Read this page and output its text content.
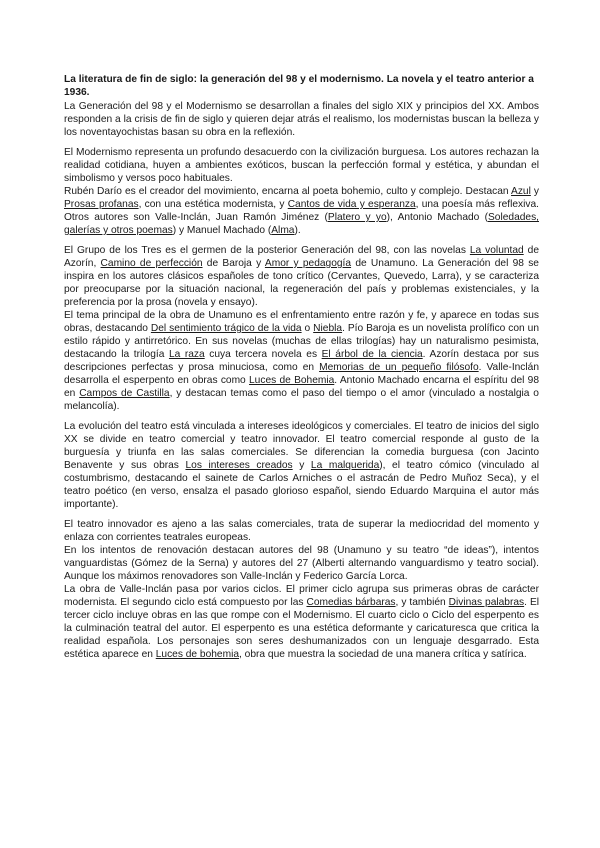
La literatura de fin de siglo: la generación del 98 y el modernismo. La novela y el teatro anterior a 1936.

La Generación del 98 y el Modernismo se desarrollan a finales del siglo XIX y principios del XX. Ambos responden a la crisis de fin de siglo y quieren dejar atrás el realismo, los modernistas buscan la belleza y los noventayochistas basan su obra en la reflexión.

El Modernismo representa un profundo desacuerdo con la civilización burguesa. Los autores rechazan la realidad cotidiana, huyen a ambientes exóticos, buscan la perfección formal y estética, y abundan el simbolismo y versos poco habituales.

Rubén Darío es el creador del movimiento, encarna al poeta bohemio, culto y complejo. Destacan Azul y Prosas profanas, con una estética modernista, y Cantos de vida y esperanza, una poesía más reflexiva. Otros autores son Valle-Inclán, Juan Ramón Jiménez (Platero y yo), Antonio Machado (Soledades, galerías y otros poemas) y Manuel Machado (Alma).

El Grupo de los Tres es el germen de la posterior Generación del 98, con las novelas La voluntad de Azorín, Camino de perfección de Baroja y Amor y pedagogía de Unamuno. La Generación del 98 se inspira en los autores clásicos españoles de tono crítico (Cervantes, Quevedo, Larra), y se caracteriza por preocuparse por la situación nacional, la regeneración del país y problemas existenciales, y la preferencia por la prosa (novela y ensayo).

El tema principal de la obra de Unamuno es el enfrentamiento entre razón y fe, y aparece en todas sus obras, destacando Del sentimiento trágico de la vida o Niebla. Pío Baroja es un novelista prolífico con un estilo rápido y antirretórico. En sus novelas (muchas de ellas trilogías) hay un naturalismo pesimista, destacando la trilogía La raza cuya tercera novela es El árbol de la ciencia. Azorín destaca por sus descripciones perfectas y prosa minuciosa, como en Memorias de un pequeño filósofo. Valle-Inclán desarrolla el esperpento en obras como Luces de Bohemia. Antonio Machado encarna el espíritu del 98 en Campos de Castilla, y destacan temas como el paso del tiempo o el amor (vinculado a nostalgia o melancolía).

La evolución del teatro está vinculada a intereses ideológicos y comerciales. El teatro de inicios del siglo XX se divide en teatro comercial y teatro innovador. El teatro comercial responde al gusto de la burguesía y triunfa en las salas comerciales. Se diferencian la comedia burguesa (con Jacinto Benavente y sus obras Los intereses creados y La malquerida), el teatro cómico (vinculado al costumbrismo, destacando el sainete de Carlos Arniches o el astracán de Pedro Muñoz Seca), y el teatro poético (en verso, ensalza el pasado glorioso español, siendo Eduardo Marquina el autor más importante).

El teatro innovador es ajeno a las salas comerciales, trata de superar la mediocridad del momento y enlaza con corrientes teatrales europeas.

En los intentos de renovación destacan autores del 98 (Unamuno y su teatro “de ideas”), intentos vanguardistas (Gómez de la Serna) y autores del 27 (Alberti alternando vanguardismo y teatro social). Aunque los máximos renovadores son Valle-Inclán y Federico García Lorca.

La obra de Valle-Inclán pasa por varios ciclos. El primer ciclo agrupa sus primeras obras de carácter modernista. El segundo ciclo está compuesto por las Comedias bárbaras, y también Divinas palabras. El tercer ciclo incluye obras en las que rompe con el Modernismo. El cuarto ciclo o Ciclo del esperpento es la culminación teatral del autor. El esperpento es una estética deformante y caricaturesca que critica la realidad española. Los personajes son seres deshumanizados con un lenguaje desgarrado. Esta estética aparece en Luces de bohemia, obra que muestra la sociedad de una manera crítica y satírica.
